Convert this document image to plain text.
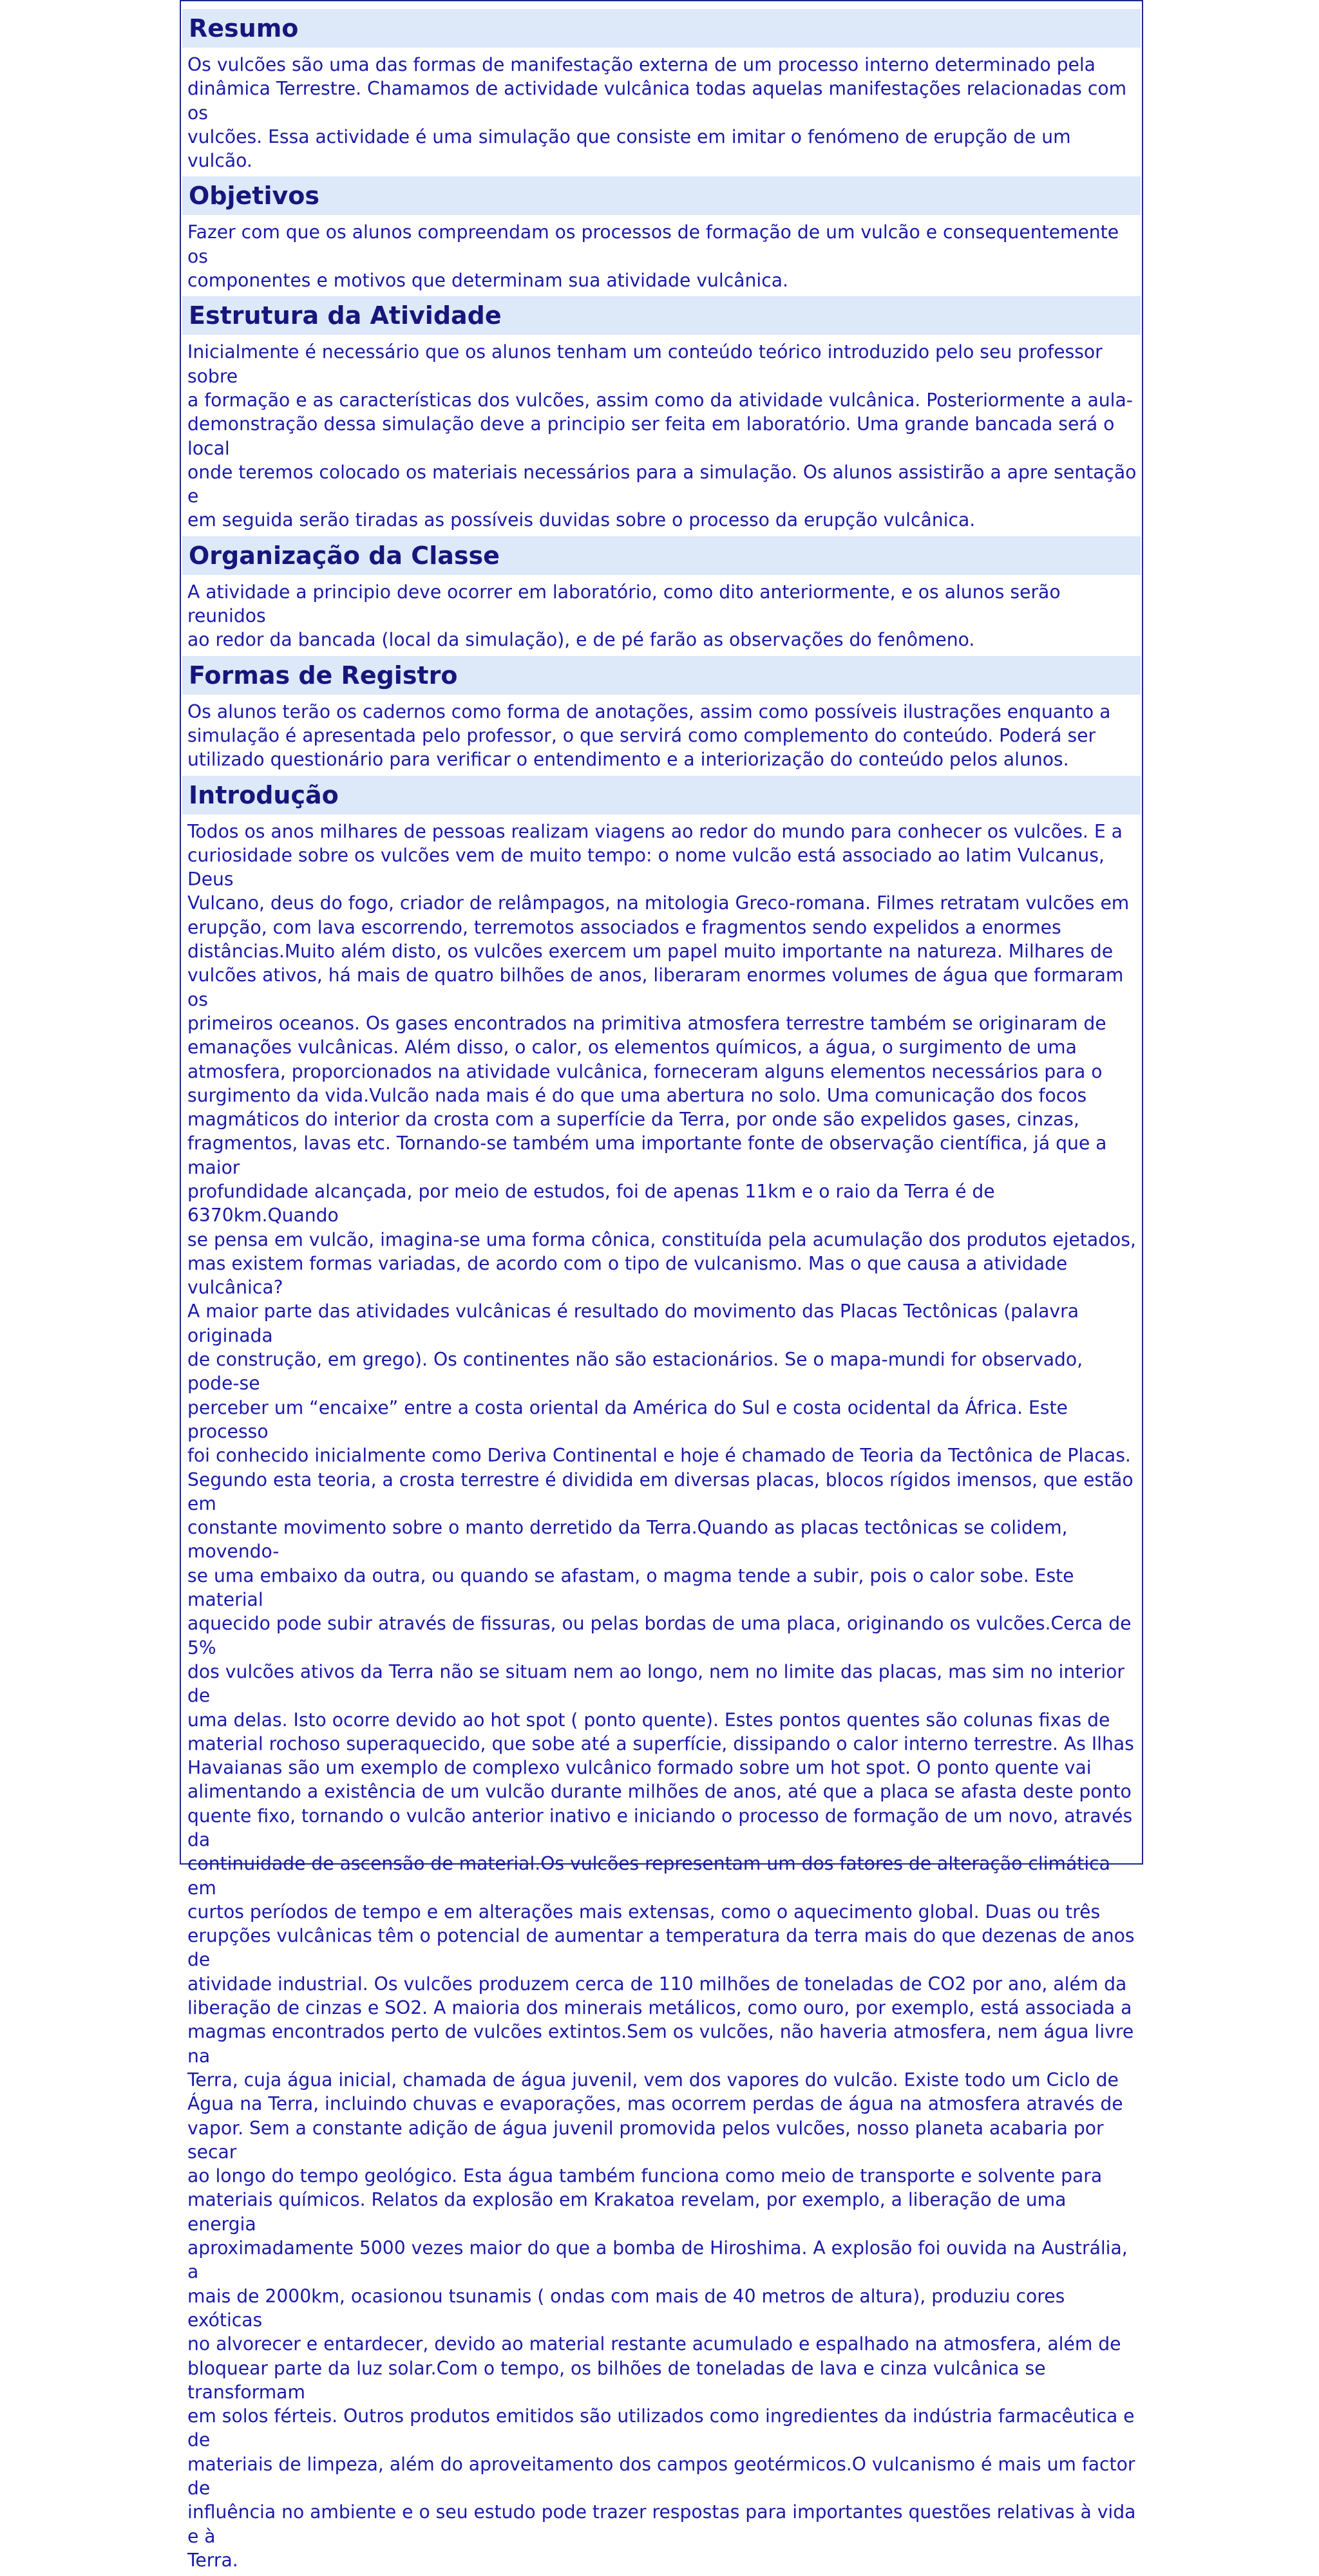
Resumo
Os vulcões são uma das formas de manifestação externa de um processo interno determinado pela
dinâmica Terrestre. Chamamos de actividade vulcânica todas aquelas manifestações relacionadas com os
vulcões. Essa actividade é uma simulação que consiste em imitar o fenómeno de erupção de um vulcão.
Objetivos
Fazer com que os alunos compreendam os processos de formação de um vulcão e consequentemente os
componentes e motivos que determinam sua atividade vulcânica.
Estrutura da Atividade
Inicialmente é necessário que os alunos tenham um conteúdo teórico introduzido pelo seu professor sobre
a formação e as características dos vulcões, assim como da atividade vulcânica. Posteriormente a aula-
demonstração dessa simulação deve a principio ser feita em laboratório. Uma grande bancada será o local
onde teremos colocado os materiais necessários para a simulação. Os alunos assistirão a apre sentação e
em seguida serão tiradas as possíveis duvidas sobre o processo da erupção vulcânica.
Organização da Classe
A atividade a principio deve ocorrer em laboratório, como dito anteriormente, e os alunos serão reunidos
ao redor da bancada (local da simulação), e de pé farão as observações do fenômeno.
Formas de Registro
Os alunos terão os cadernos como forma de anotações, assim como possíveis ilustrações enquanto a
simulação é apresentada pelo professor, o que servirá como complemento do conteúdo. Poderá ser
utilizado questionário para verificar o entendimento e a interiorização do conteúdo pelos alunos.
Introdução
Todos os anos milhares de pessoas realizam viagens ao redor do mundo para conhecer os vulcões. E a
curiosidade sobre os vulcões vem de muito tempo: o nome vulcão está associado ao latim Vulcanus, Deus
Vulcano, deus do fogo, criador de relâmpagos, na mitologia Greco-romana. Filmes retratam vulcões em
erupção, com lava escorrendo, terremotos associados e fragmentos sendo expelidos a enormes
distâncias.Muito além disto, os vulcões exercem um papel muito importante na natureza. Milhares de
vulcões ativos, há mais de quatro bilhões de anos, liberaram enormes volumes de água que formaram os
primeiros oceanos. Os gases encontrados na primitiva atmosfera terrestre também se originaram de
emanações vulcânicas. Além disso, o calor, os elementos químicos, a água, o surgimento de uma
atmosfera, proporcionados na atividade vulcânica, forneceram alguns elementos necessários para o
surgimento da vida.Vulcão nada mais é do que uma abertura no solo. Uma comunicação dos focos
magmáticos do interior da crosta com a superfície da Terra, por onde são expelidos gases, cinzas,
fragmentos, lavas etc. Tornando-se também uma importante fonte de observação científica, já que a maior
profundidade alcançada, por meio de estudos, foi de apenas 11km e o raio da Terra é de 6370km.Quando
se pensa em vulcão, imagina-se uma forma cônica, constituída pela acumulação dos produtos ejetados,
mas existem formas variadas, de acordo com o tipo de vulcanismo. Mas o que causa a atividade vulcânica?
A maior parte das atividades vulcânicas é resultado do movimento das Placas Tectônicas (palavra originada
de construção, em grego). Os continentes não são estacionários. Se o mapa-mundi for observado, pode-se
perceber um “encaixe” entre a costa oriental da América do Sul e costa ocidental da África. Este processo
foi conhecido inicialmente como Deriva Continental e hoje é chamado de Teoria da Tectônica de Placas.
Segundo esta teoria, a crosta terrestre é dividida em diversas placas, blocos rígidos imensos, que estão em
constante movimento sobre o manto derretido da Terra.Quando as placas tectônicas se colidem, movendo-
se uma embaixo da outra, ou quando se afastam, o magma tende a subir, pois o calor sobe. Este material
aquecido pode subir através de fissuras, ou pelas bordas de uma placa, originando os vulcões.Cerca de 5%
dos vulcões ativos da Terra não se situam nem ao longo, nem no limite das placas, mas sim no interior de
uma delas. Isto ocorre devido ao hot spot ( ponto quente). Estes pontos quentes são colunas fixas de
material rochoso superaquecido, que sobe até a superfície, dissipando o calor interno terrestre. As Ilhas
Havaianas são um exemplo de complexo vulcânico formado sobre um hot spot. O ponto quente vai
alimentando a existência de um vulcão durante milhões de anos, até que a placa se afasta deste ponto
quente fixo, tornando o vulcão anterior inativo e iniciando o processo de formação de um novo, através da
continuidade de ascensão de material.Os vulcões representam um dos fatores de alteração climática em
curtos períodos de tempo e em alterações mais extensas, como o aquecimento global. Duas ou três
erupções vulcânicas têm o potencial de aumentar a temperatura da terra mais do que dezenas de anos de
atividade industrial. Os vulcões produzem cerca de 110 milhões de toneladas de CO2 por ano, além da
liberação de cinzas e SO2. A maioria dos minerais metálicos, como ouro, por exemplo, está associada a
magmas encontrados perto de vulcões extintos.Sem os vulcões, não haveria atmosfera, nem água livre na
Terra, cuja água inicial, chamada de água juvenil, vem dos vapores do vulcão. Existe todo um Ciclo de
Água na Terra, incluindo chuvas e evaporações, mas ocorrem perdas de água na atmosfera através de
vapor. Sem a constante adição de água juvenil promovida pelos vulcões, nosso planeta acabaria por secar
ao longo do tempo geológico. Esta água também funciona como meio de transporte e solvente para
materiais químicos. Relatos da explosão em Krakatoa revelam, por exemplo, a liberação de uma energia
aproximadamente 5000 vezes maior do que a bomba de Hiroshima. A explosão foi ouvida na Austrália, a
mais de 2000km, ocasionou tsunamis ( ondas com mais de 40 metros de altura), produziu cores exóticas
no alvorecer e entardecer, devido ao material restante acumulado e espalhado na atmosfera, além de
bloquear parte da luz solar.Com o tempo, os bilhões de toneladas de lava e cinza vulcânica se transformam
em solos férteis. Outros produtos emitidos são utilizados como ingredientes da indústria farmacêutica e de
materiais de limpeza, além do aproveitamento dos campos geotérmicos.O vulcanismo é mais um factor de
influência no ambiente e o seu estudo pode trazer respostas para importantes questões relativas à vida e à
Terra.
